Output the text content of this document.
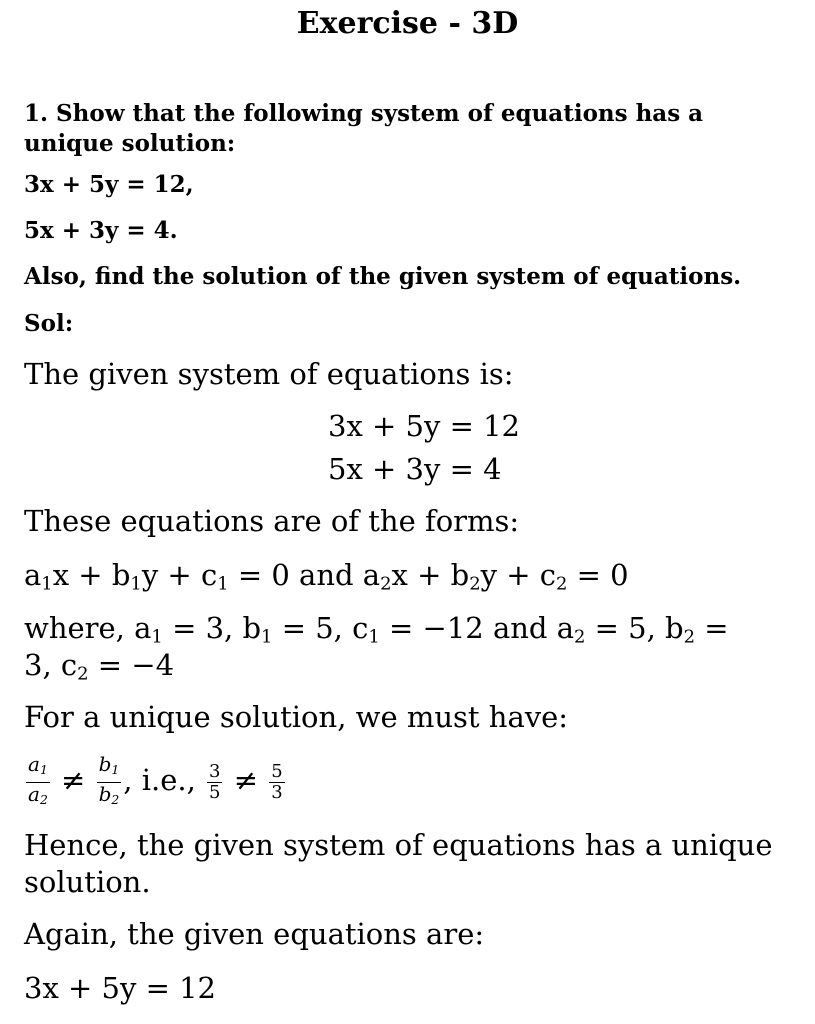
Exercise - 3D
1. Show that the following system of equations has a
unique solution:
3x + 5y = 12,
5x + 3y = 4.
Also, find the solution of the given system of equations.
Sol:
The given system of equations is:
3x + 5y = 12
5x + 3y = 4
These equations are of the forms:
$a_1x + b_1y + c_1 = 0$ and $a_2x + b_2y + c_2 = 0$
where, $a_1 = 3$, $b_1 = 5$, $c_1 = -12$ and $a_2 = 5$, $b_2$ =
3, $c_2 = -4$
For a unique solution, we must have:
$\frac{a_1}{a_2} \ne \frac{b_1}{b_2}$ , i.e., $\frac{3}{5} \ne \frac{5}{3}$
Hence, the given system of equations has a unique
solution.
Again, the given equations are:
3x + 5y = 12
